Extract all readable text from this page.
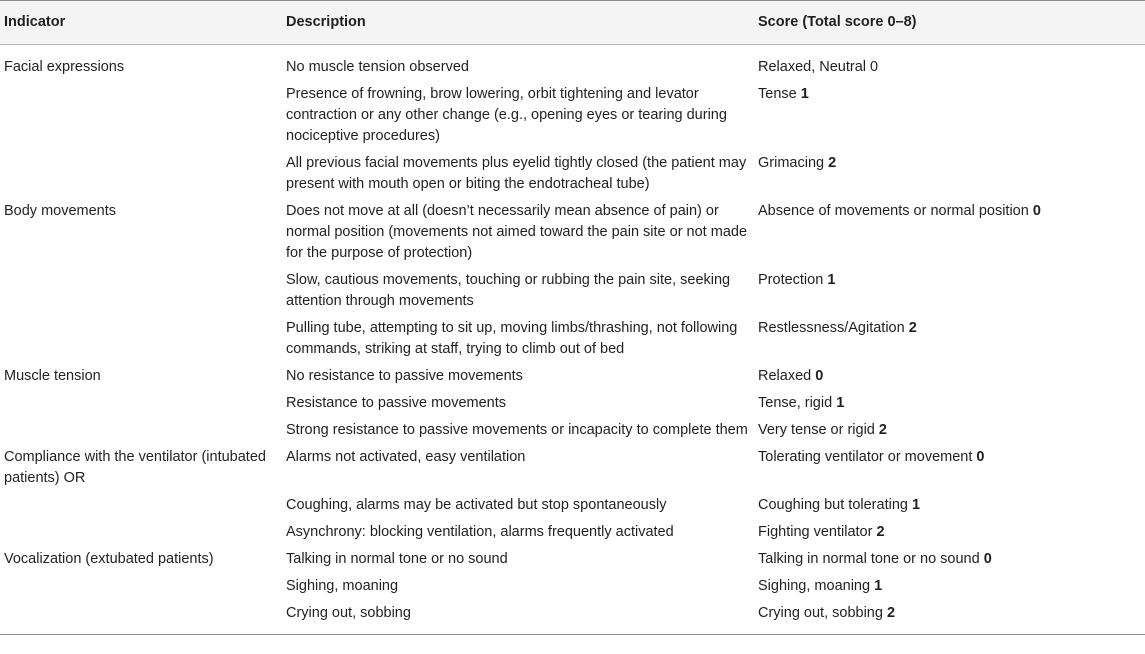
Indicator	Description	Score (Total score 0–8)
Facial expressions	No muscle tension observed	Relaxed, Neutral 0
	Presence of frowning, brow lowering, orbit tightening and levator contraction or any other change (e.g., opening eyes or tearing during nociceptive procedures)	Tense 1
	All previous facial movements plus eyelid tightly closed (the patient may present with mouth open or biting the endotracheal tube)	Grimacing 2
Body movements	Does not move at all (doesn’t necessarily mean absence of pain) or normal position (movements not aimed toward the pain site or not made for the purpose of protection)	Absence of movements or normal position 0
	Slow, cautious movements, touching or rubbing the pain site, seeking attention through movements	Protection 1
	Pulling tube, attempting to sit up, moving limbs/thrashing, not following commands, striking at staff, trying to climb out of bed	Restlessness/Agitation 2
Muscle tension	No resistance to passive movements	Relaxed 0
	Resistance to passive movements	Tense, rigid 1
	Strong resistance to passive movements or incapacity to complete them	Very tense or rigid 2
Compliance with the ventilator (intubated patients) OR	Alarms not activated, easy ventilation	Tolerating ventilator or movement 0
	Coughing, alarms may be activated but stop spontaneously	Coughing but tolerating 1
	Asynchrony: blocking ventilation, alarms frequently activated	Fighting ventilator 2
Vocalization (extubated patients)	Talking in normal tone or no sound	Talking in normal tone or no sound 0
	Sighing, moaning	Sighing, moaning 1
	Crying out, sobbing	Crying out, sobbing 2
